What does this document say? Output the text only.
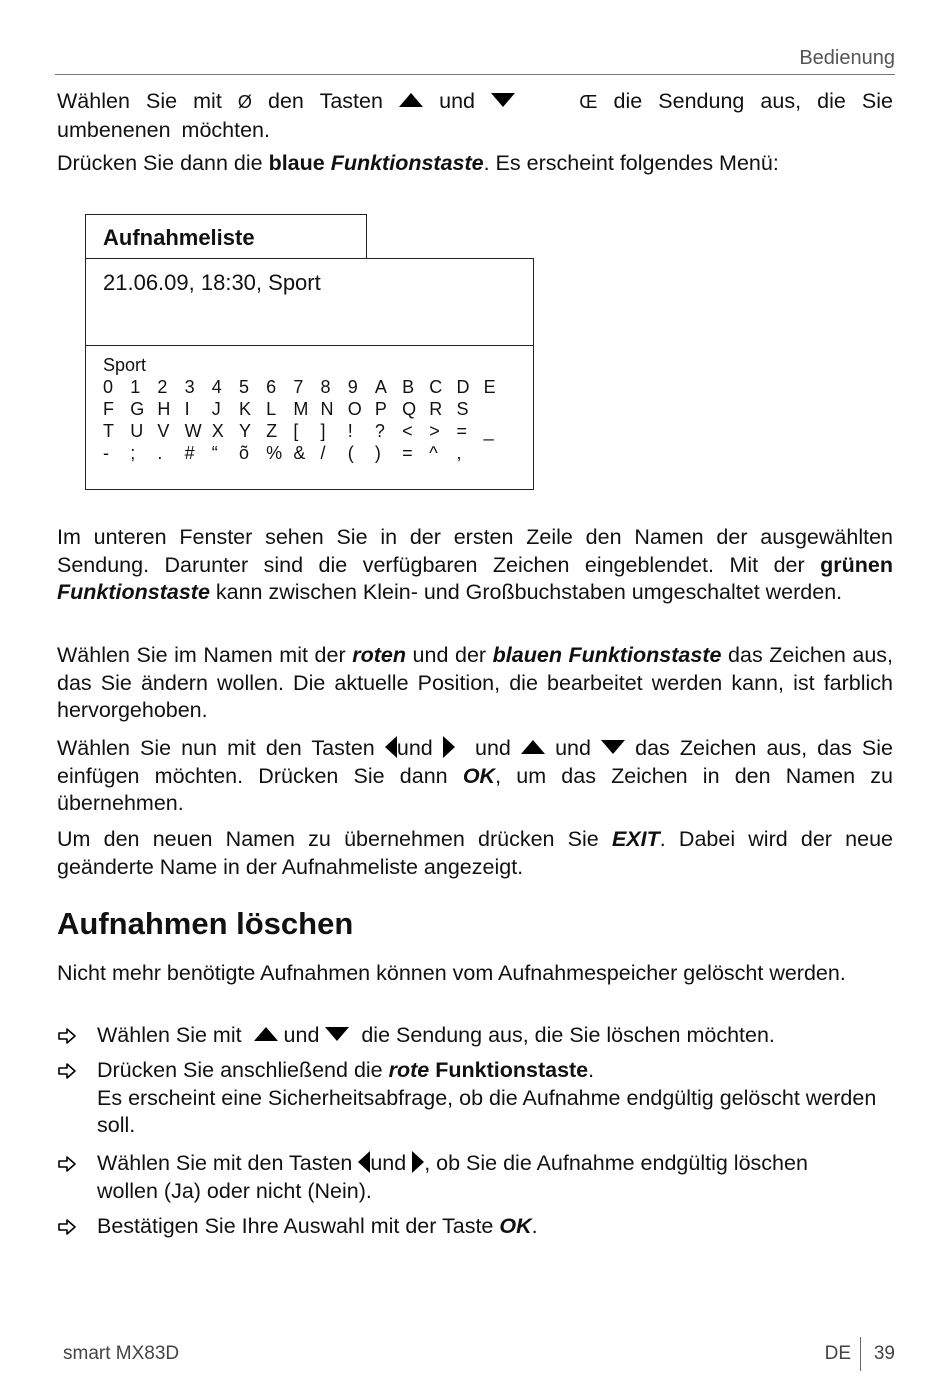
Bedienung
Wählen Sie mit Ø den Tasten	und	Œ die Sendung aus, die Sie umbenenen möchten.
Drücken Sie dann die blaue Funktionstaste. Es erscheint folgendes Menü:
Aufnahmeliste
21.06.09, 18:30, Sport
Sport
0 1 2 3 4 5 6 7 8 9 A B C D E
F G H I	J	K L M N O P Q R S
T U V W X Y Z [	]	!	? < > = _
-	;	.	# “	õ % & /	(	)	= ^	,
Im unteren Fenster sehen Sie in der ersten Zeile den Namen der ausgewählten Sendung. Darunter sind die verfügbaren Zeichen eingeblendet. Mit der grünen Funktionstaste kann zwischen Klein- und Großbuchstaben umgeschaltet werden.
Wählen Sie im Namen mit der roten und der blauen Funktionstaste das Zeichen aus, das Sie ändern wollen. Die aktuelle Position, die bearbeitet werden kann, ist farblich hervorgehoben.
Wählen Sie nun mit den Tasten und und und das Zeichen aus, das Sie einfügen möchten. Drücken Sie dann OK, um das Zeichen in den Namen zu übernehmen.
Um den neuen Namen zu übernehmen drücken Sie EXIT. Dabei wird der neue geänderte Name in der Aufnahmeliste angezeigt.
Aufnahmen löschen
Nicht mehr benötigte Aufnahmen können vom Aufnahmespeicher gelöscht werden.
Wählen Sie mit und die Sendung aus, die Sie löschen möchten.
Drücken Sie anschließend die rote Funktionstaste.
Es erscheint eine Sicherheitsabfrage, ob die Aufnahme endgültig gelöscht werden soll.
Wählen Sie mit den Tasten und , ob Sie die Aufnahme endgültig löschen wollen (Ja) oder nicht (Nein).
Bestätigen Sie Ihre Auswahl mit der Taste OK.
smart MX83D	DE 39
